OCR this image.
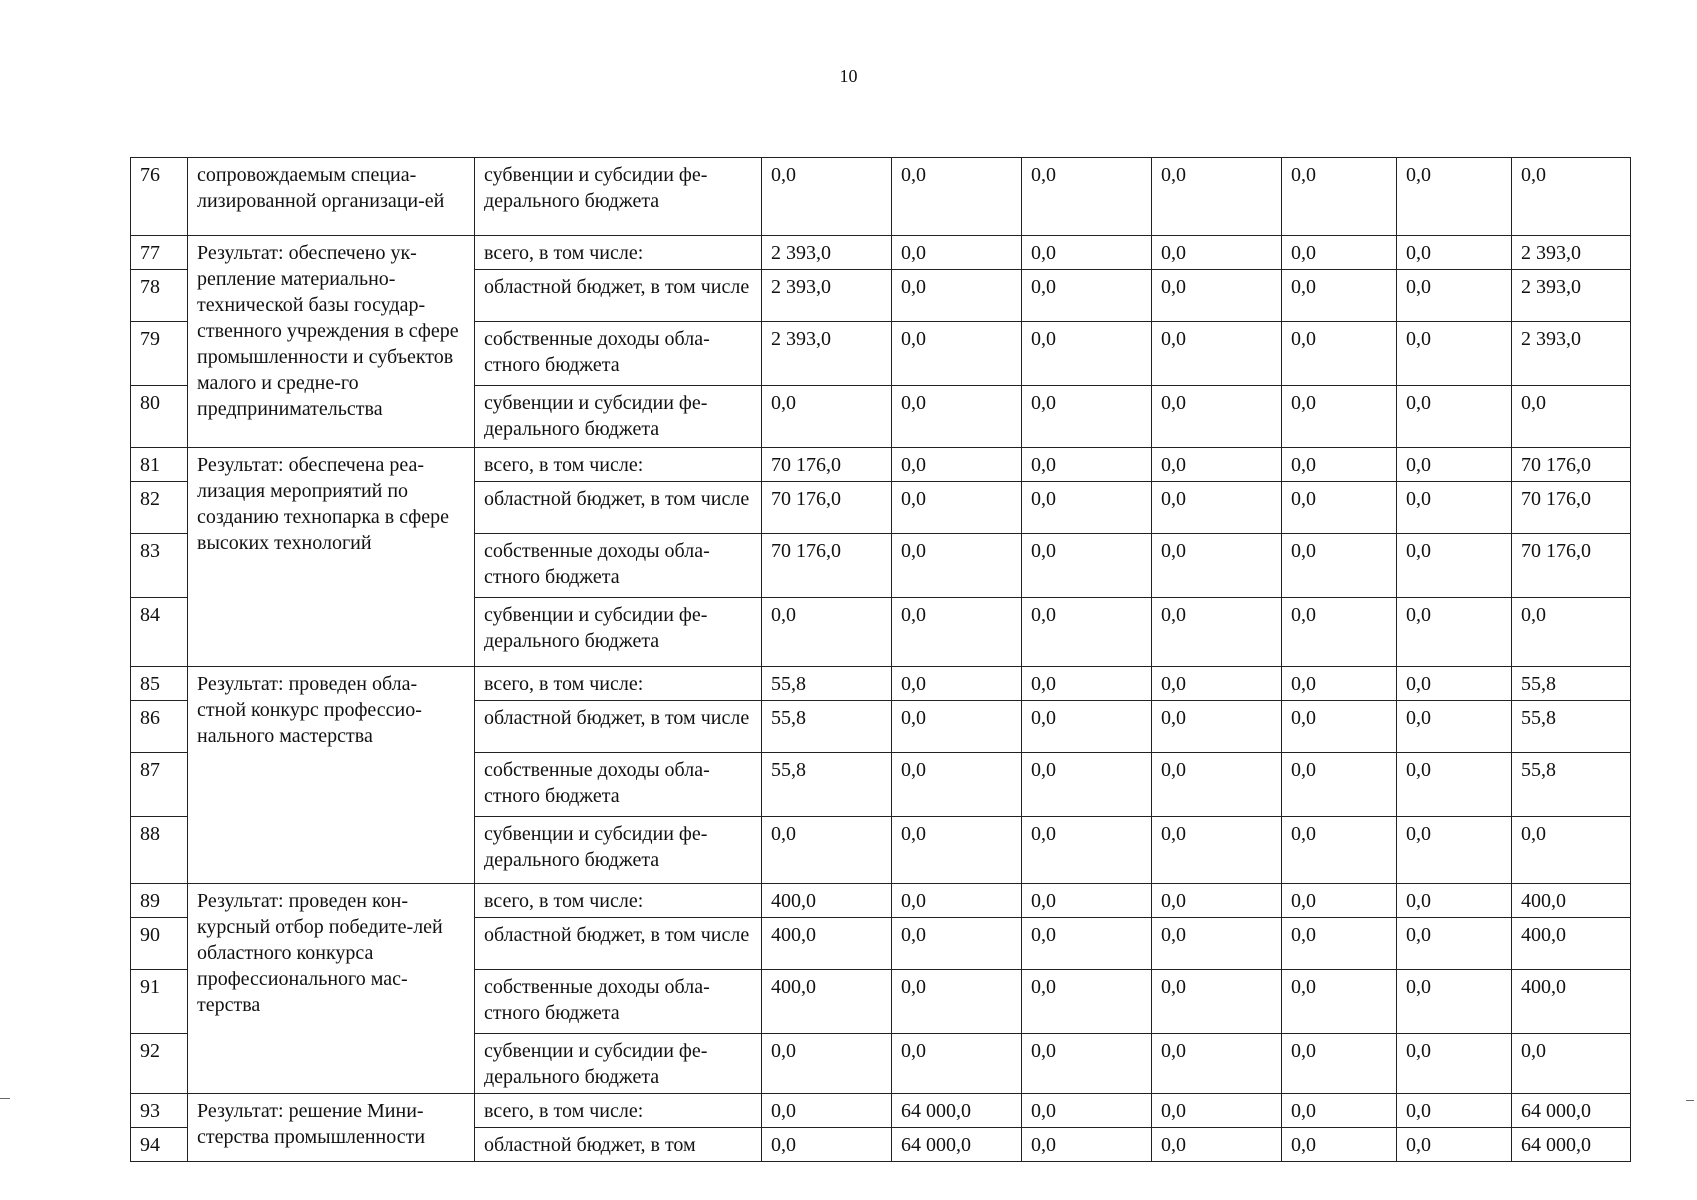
10
76	сопровождаемым специа-лизированной организаци-ей	субвенции и субсидии фе-дерального бюджета	0,0	0,0	0,0	0,0	0,0	0,0	0,0
77	Результат: обеспечено ук-репление материально-технической базы государ-ственного учреждения в сфере промышленности и субъектов малого и средне-го предпринимательства	всего, в том числе:	2 393,0	0,0	0,0	0,0	0,0	0,0	2 393,0
78		областной бюджет, в том числе	2 393,0	0,0	0,0	0,0	0,0	0,0	2 393,0
79		собственные доходы обла-стного бюджета	2 393,0	0,0	0,0	0,0	0,0	0,0	2 393,0
80		субвенции и субсидии фе-дерального бюджета	0,0	0,0	0,0	0,0	0,0	0,0	0,0
81	Результат: обеспечена реа-лизация мероприятий по созданию технопарка в сфере высоких технологий	всего, в том числе:	70 176,0	0,0	0,0	0,0	0,0	0,0	70 176,0
82		областной бюджет, в том числе	70 176,0	0,0	0,0	0,0	0,0	0,0	70 176,0
83		собственные доходы обла-стного бюджета	70 176,0	0,0	0,0	0,0	0,0	0,0	70 176,0
84		субвенции и субсидии фе-дерального бюджета	0,0	0,0	0,0	0,0	0,0	0,0	0,0
85	Результат: проведен обла-стной конкурс профессио-нального мастерства	всего, в том числе:	55,8	0,0	0,0	0,0	0,0	0,0	55,8
86		областной бюджет, в том числе	55,8	0,0	0,0	0,0	0,0	0,0	55,8
87		собственные доходы обла-стного бюджета	55,8	0,0	0,0	0,0	0,0	0,0	55,8
88		субвенции и субсидии фе-дерального бюджета	0,0	0,0	0,0	0,0	0,0	0,0	0,0
89	Результат: проведен кон-курсный отбор победите-лей областного конкурса профессионального мас-терства	всего, в том числе:	400,0	0,0	0,0	0,0	0,0	0,0	400,0
90		областной бюджет, в том числе	400,0	0,0	0,0	0,0	0,0	0,0	400,0
91		собственные доходы обла-стного бюджета	400,0	0,0	0,0	0,0	0,0	0,0	400,0
92		субвенции и субсидии фе-дерального бюджета	0,0	0,0	0,0	0,0	0,0	0,0	0,0
93	Результат: решение Мини-стерства промышленности	всего, в том числе:	0,0	64 000,0	0,0	0,0	0,0	0,0	64 000,0
94		областной бюджет, в том	0,0	64 000,0	0,0	0,0	0,0	0,0	64 000,0
